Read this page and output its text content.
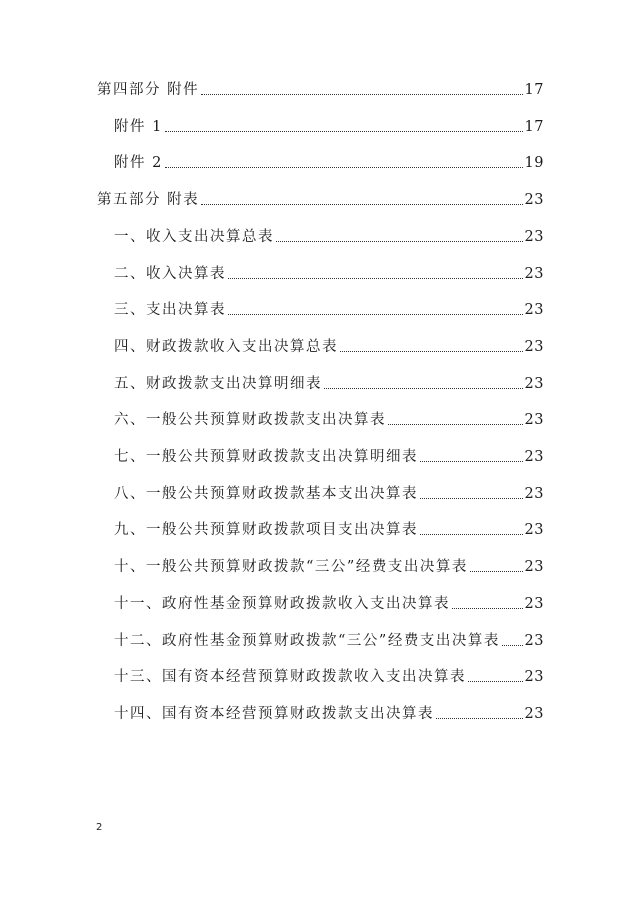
第四部分 附件	17
附件 1	17
附件 2	19
第五部分 附表	23
一、收入支出决算总表	23
二、收入决算表	23
三、支出决算表	23
四、财政拨款收入支出决算总表	23
五、财政拨款支出决算明细表	23
六、一般公共预算财政拨款支出决算表	23
七、一般公共预算财政拨款支出决算明细表	23
八、一般公共预算财政拨款基本支出决算表	23
九、一般公共预算财政拨款项目支出决算表	23
十、一般公共预算财政拨款“三公”经费支出决算表	23
十一、政府性基金预算财政拨款收入支出决算表	23
十二、政府性基金预算财政拨款“三公”经费支出决算表 23
十三、国有资本经营预算财政拨款收入支出决算表	23
十四、国有资本经营预算财政拨款支出决算表	23
2
